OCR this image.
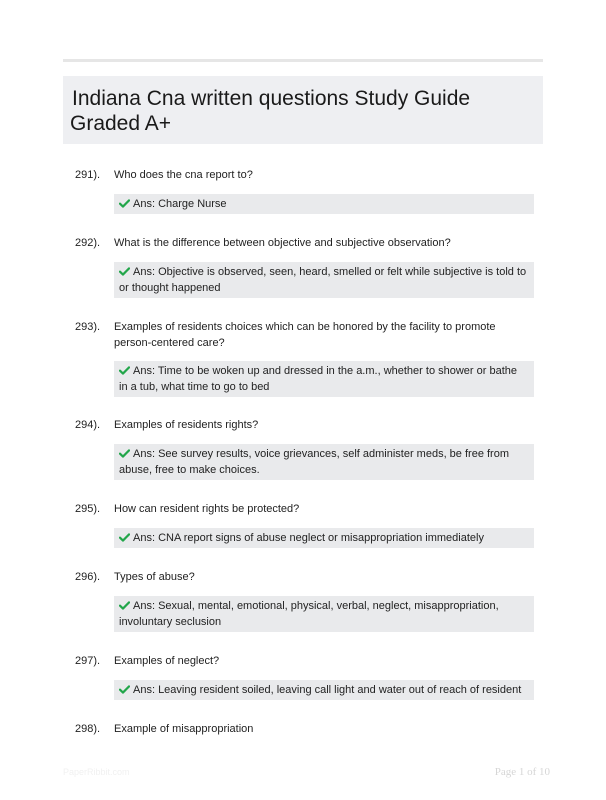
Indiana Cna written questions Study Guide
Graded A+
291). Who does the cna report to?
Ans: Charge Nurse
292). What is the difference between objective and subjective observation?
Ans: Objective is observed, seen, heard, smelled or felt while subjective is told to or thought happened
293). Examples of residents choices which can be honored by the facility to promote person-centered care?
Ans: Time to be woken up and dressed in the a.m., whether to shower or bathe in a tub, what time to go to bed
294). Examples of residents rights?
Ans: See survey results, voice grievances, self administer meds, be free from abuse, free to make choices.
295). How can resident rights be protected?
Ans: CNA report signs of abuse neglect or misappropriation immediately
296). Types of abuse?
Ans: Sexual, mental, emotional, physical, verbal, neglect, misappropriation, involuntary seclusion
297). Examples of neglect?
Ans: Leaving resident soiled, leaving call light and water out of reach of resident
298). Example of misappropriation
PaperRibbit.com	Page 1 of 10
